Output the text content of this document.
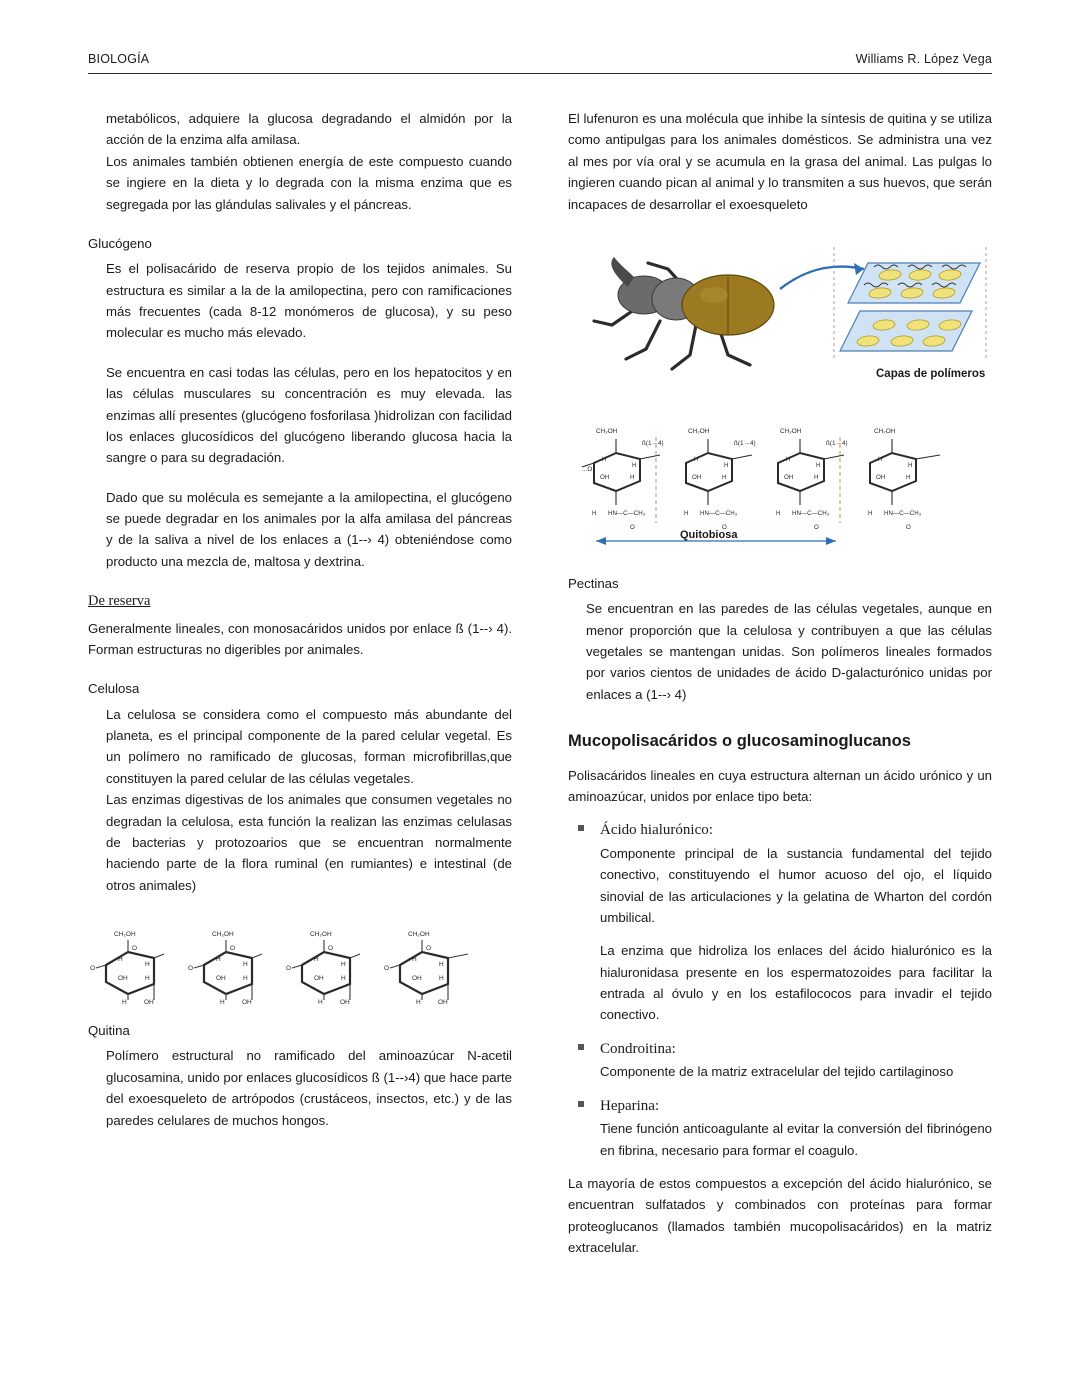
BIOLOGÍA	Williams R. López Vega

metabólicos, adquiere la glucosa degradando el almidón por la acción de la enzima alfa amilasa.

Los animales también obtienen energía de este compuesto cuando se ingiere en la dieta y lo degrada con la misma enzima que es segregada por las glándulas salivales y el páncreas.

Glucógeno

Es el polisacárido de reserva propio de los tejidos animales. Su estructura es similar a la de la amilopectina, pero con ramificaciones más frecuentes (cada 8-12 monómeros de glucosa), y su peso molecular es mucho más elevado.

Se encuentra en casi todas las células, pero en los hepatocitos y en las células musculares su concentración es muy elevada. las enzimas allí presentes (glucógeno fosforilasa )hidrolizan con facilidad los enlaces glucosídicos del glucógeno liberando glucosa hacia la sangre o para su degradación.

Dado que su molécula es semejante a la amilopectina, el glucógeno se puede degradar en los animales por la alfa amilasa del páncreas y de la saliva a nivel de los enlaces a (1--› 4) obteniéndose como producto una mezcla de, maltosa y dextrina.

De reserva

Generalmente lineales, con monosacáridos unidos por enlace ß (1--› 4). Forman estructuras no digeribles por animales.

Celulosa

La celulosa se considera como el compuesto más abundante del planeta, es el principal componente de la pared celular vegetal. Es un polímero no ramificado de glucosas, forman microfibrillas,que constituyen la pared celular de las células vegetales.

Las enzimas digestivas de los animales que consumen vegetales no degradan la celulosa, esta función la realizan las enzimas celulasas de bacterias y protozoarios que se encuentran normalmente haciendo parte de la flora ruminal (en rumiantes) e intestinal (de otros animales)

CH₂OH
O
H
H
OH	H
H	OH
O
CH₂OH
O
H
H
OH	H
H	OH
O
CH₂OH
O
H
H
OH	H
H	OH
O
CH₂OH
O
H
H
OH	H
H	OH
O
Quitina

Polímero estructural no ramificado del aminoazúcar N-acetil glucosamina, unido por enlaces glucosídicos ß (1--›4) que hace parte del exoesqueleto de artrópodos (crustáceos, insectos, etc.) y de las paredes celulares de muchos hongos.

El lufenuron es una molécula que inhibe la síntesis de quitina y se utiliza como antipulgas para los animales domésticos. Se administra una vez al mes por vía oral y se acumula en la grasa del animal. Las pulgas lo ingieren cuando pican al animal y lo transmiten a sus huevos, que serán incapaces de desarrollar el exoesqueleto

Capas de polímeros
...O
CH₂OH	CH₂OH	CH₂OH	CH₂OH
ß(1→4)	ß(1→4)	ß(1→4)
H
H
OH	H
H
H
OH	H
H
H
OH	H
H
H
OH	H
H HN—C—CH₃	H HN—C—CH₃	H HN—C—CH₃	H HN—C—CH₃
O	O	O	O
Quitobiosa
Pectinas

Se encuentran en las paredes de las células vegetales, aunque en menor proporción que la celulosa y contribuyen a que las células vegetales se mantengan unidas. Son polímeros lineales formados por varios cientos de unidades de ácido D-galacturónico unidas por enlaces a (1--› 4)

Mucopolisacáridos o glucosaminoglucanos

Polisacáridos lineales en cuya estructura alternan un ácido urónico y un aminoazúcar, unidos por enlace tipo beta:

Ácido hialurónico:
Componente principal de la sustancia fundamental del tejido conectivo, constituyendo el humor acuoso del ojo, el líquido sinovial de las articulaciones y la gelatina de Wharton del cordón umbilical.
La enzima que hidroliza los enlaces del ácido hialurónico es la hialuronidasa presente en los espermatozoides para facilitar la entrada al óvulo y en los estafilococos para invadir el tejido conectivo.
Condroitina:
Componente de la matriz extracelular del tejido cartilaginoso
Heparina:
Tiene función anticoagulante al evitar la conversión del fibrinógeno en fibrina, necesario para formar el coagulo.

La mayoría de estos compuestos a excepción del ácido hialurónico, se encuentran sulfatados y combinados con proteínas para formar proteoglucanos (llamados también mucopolisacáridos) en la matriz extracelular.
